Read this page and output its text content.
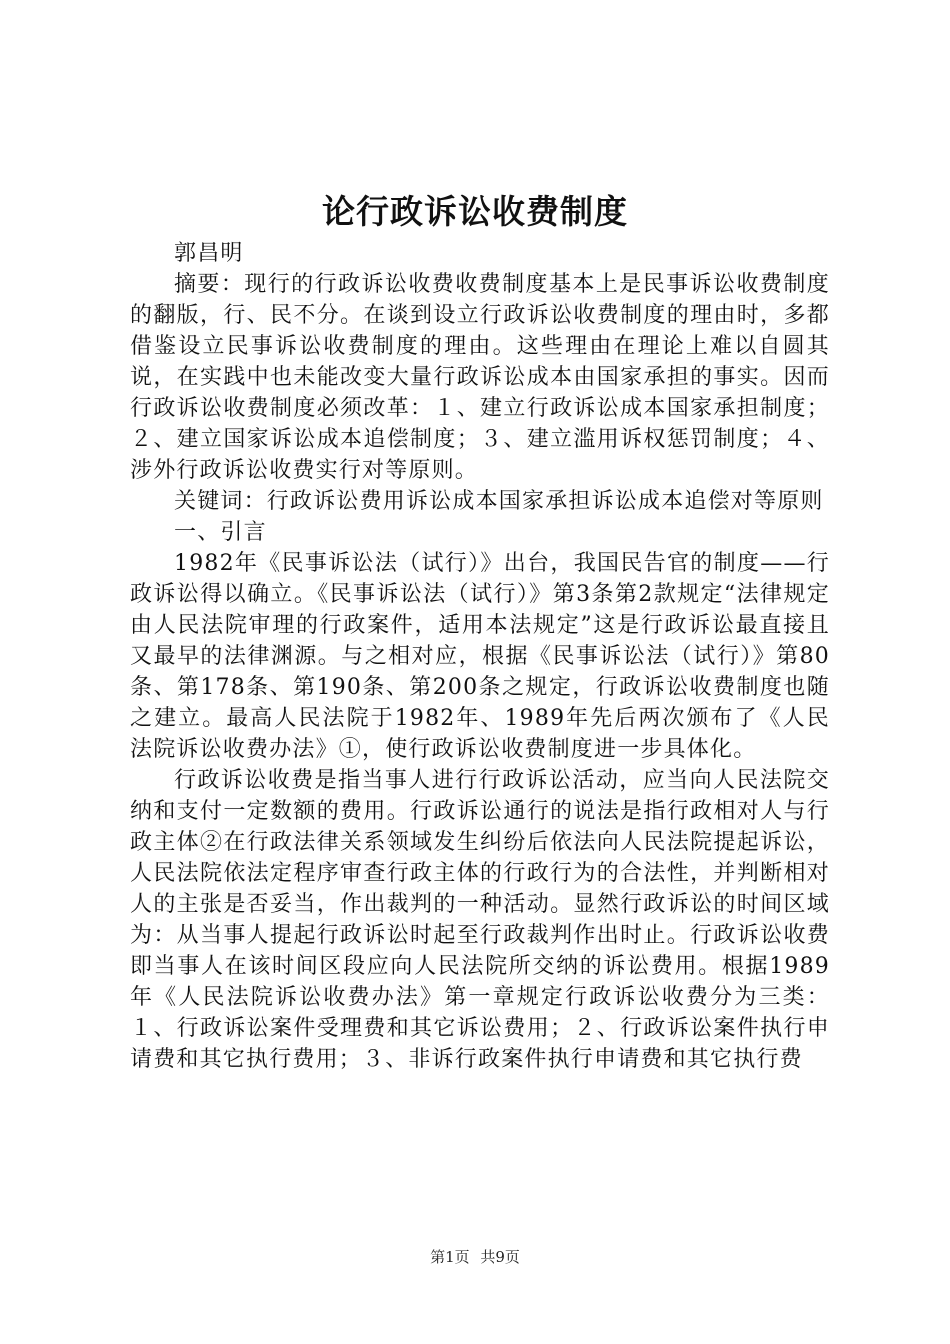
论行政诉讼收费制度

郭昌明

摘要：现行的行政诉讼收费收费制度基本上是民事诉讼收费制度的翻版，行、民不分。在谈到设立行政诉讼收费制度的理由时，多都借鉴设立民事诉讼收费制度的理由。这些理由在理论上难以自圆其说，在实践中也未能改变大量行政诉讼成本由国家承担的事实。因而行政诉讼收费制度必须改革：１、建立行政诉讼成本国家承担制度；２、建立国家诉讼成本追偿制度；３、建立滥用诉权惩罚制度；４、涉外行政诉讼收费实行对等原则。

关键词：行政诉讼费用诉讼成本国家承担诉讼成本追偿对等原则

一、引言

1982年《民事诉讼法（试行）》出台，我国民告官的制度——行政诉讼得以确立。《民事诉讼法（试行）》第3条第2款规定“法律规定由人民法院审理的行政案件，适用本法规定”这是行政诉讼最直接且又最早的法律渊源。与之相对应，根据《民事诉讼法（试行）》第80条、第178条、第190条、第200条之规定，行政诉讼收费制度也随之建立。最高人民法院于1982年、1989年先后两次颁布了《人民法院诉讼收费办法》①，使行政诉讼收费制度进一步具体化。

行政诉讼收费是指当事人进行行政诉讼活动，应当向人民法院交纳和支付一定数额的费用。行政诉讼通行的说法是指行政相对人与行政主体②在行政法律关系领域发生纠纷后依法向人民法院提起诉讼，人民法院依法定程序审查行政主体的行政行为的合法性，并判断相对人的主张是否妥当，作出裁判的一种活动。显然行政诉讼的时间区域为：从当事人提起行政诉讼时起至行政裁判作出时止。行政诉讼收费即当事人在该时间区段应向人民法院所交纳的诉讼费用。根据1989年《人民法院诉讼收费办法》第一章规定行政诉讼收费分为三类：１、行政诉讼案件受理费和其它诉讼费用；２、行政诉讼案件执行申请费和其它执行费用；３、非诉行政案件执行申请费和其它执行费

第1页 共9页
